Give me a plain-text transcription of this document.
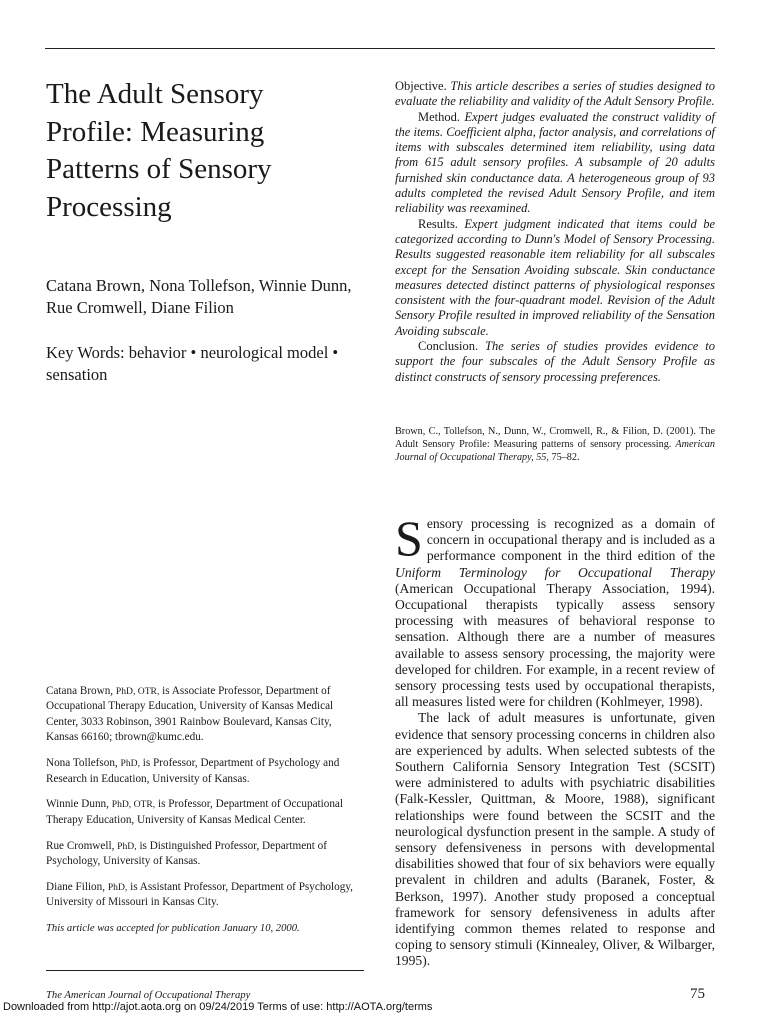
The Adult Sensory Profile: Measuring Patterns of Sensory Processing
Catana Brown, Nona Tollefson, Winnie Dunn, Rue Cromwell, Diane Filion
Key Words: behavior • neurological model • sensation

Objective. This article describes a series of studies designed to evaluate the reliability and validity of the Adult Sensory Profile.

Method. Expert judges evaluated the construct validity of the items. Coefficient alpha, factor analysis, and correlations of items with subscales determined item reliability, using data from 615 adult sensory profiles. A subsample of 20 adults furnished skin conductance data. A heterogeneous group of 93 adults completed the revised Adult Sensory Profile, and item reliability was reexamined.

Results. Expert judgment indicated that items could be categorized according to Dunn's Model of Sensory Processing. Results suggested reasonable item reliability for all subscales except for the Sensation Avoiding subscale. Skin conductance measures detected distinct patterns of physiological responses consistent with the four-quadrant model. Revision of the Adult Sensory Profile resulted in improved reliability of the Sensation Avoiding subscale.

Conclusion. The series of studies provides evidence to support the four subscales of the Adult Sensory Profile as distinct constructs of sensory processing preferences.

Brown, C., Tollefson, N., Dunn, W., Cromwell, R., & Filion, D. (2001). The Adult Sensory Profile: Measuring patterns of sensory processing. American Journal of Occupational Therapy, 55, 75–82.

Sensory processing is recognized as a domain of concern in occupational therapy and is included as a performance component in the third edition of the Uniform Terminology for Occupational Therapy (American Occupational Therapy Association, 1994). Occupational therapists typically assess sensory processing with measures of behavioral response to sensation. Although there are a number of measures available to assess sensory processing, the majority were developed for children. For example, in a recent review of sensory processing tests used by occupational therapists, all measures listed were for children (Kohlmeyer, 1998).

The lack of adult measures is unfortunate, given evidence that sensory processing concerns in children also are experienced by adults. When selected subtests of the Southern California Sensory Integration Test (SCSIT) were administered to adults with psychiatric disabilities (Falk-Kessler, Quittman, & Moore, 1988), significant relationships were found between the SCSIT and the neurological dysfunction present in the sample. A study of sensory defensiveness in persons with developmental disabilities showed that four of six behaviors were equally prevalent in children and adults (Baranek, Foster, & Berkson, 1997). Another study proposed a conceptual framework for sensory defensiveness in adults after identifying common themes related to response and coping to sensory stimuli (Kinnealey, Oliver, & Wilbarger, 1995).

Catana Brown, PhD, OTR, is Associate Professor, Department of Occupational Therapy Education, University of Kansas Medical Center, 3033 Robinson, 3901 Rainbow Boulevard, Kansas City, Kansas 66160; tbrown@kumc.edu.

Nona Tollefson, PhD, is Professor, Department of Psychology and Research in Education, University of Kansas.

Winnie Dunn, PhD, OTR, is Professor, Department of Occupational Therapy Education, University of Kansas Medical Center.

Rue Cromwell, PhD, is Distinguished Professor, Department of Psychology, University of Kansas.

Diane Filion, PhD, is Assistant Professor, Department of Psychology, University of Missouri in Kansas City.

This article was accepted for publication January 10, 2000.

The American Journal of Occupational Therapy	75
Downloaded from http://ajot.aota.org on 09/24/2019 Terms of use: http://AOTA.org/terms
